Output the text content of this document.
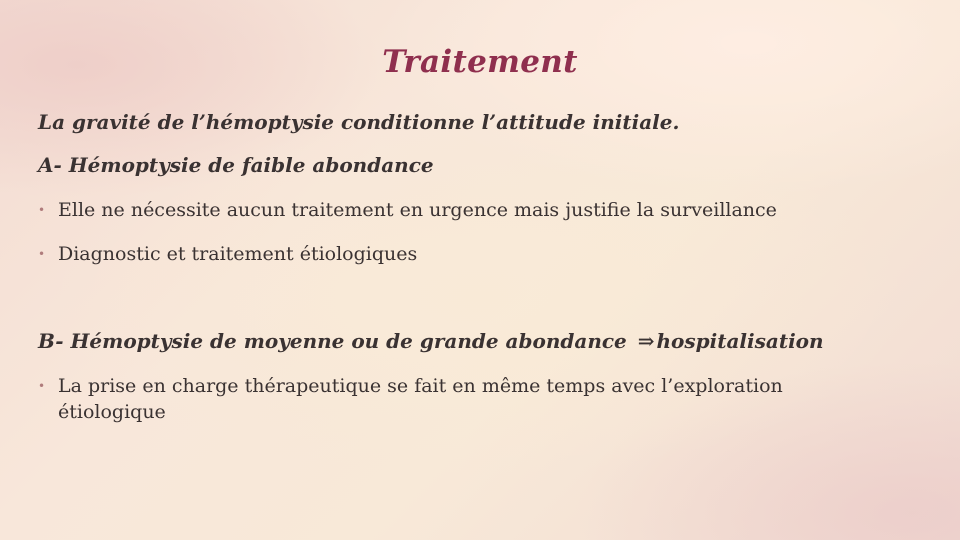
Traitement
La gravité de l’hémoptysie conditionne l’attitude initiale.
A- Hémoptysie de faible abondance
• Elle ne nécessite aucun traitement en urgence mais justifie la surveillance
• Diagnostic et traitement étiologiques
B- Hémoptysie de moyenne ou de grande abondance ⇒ hospitalisation
• La prise en charge thérapeutique se fait en même temps avec l’exploration étiologique
